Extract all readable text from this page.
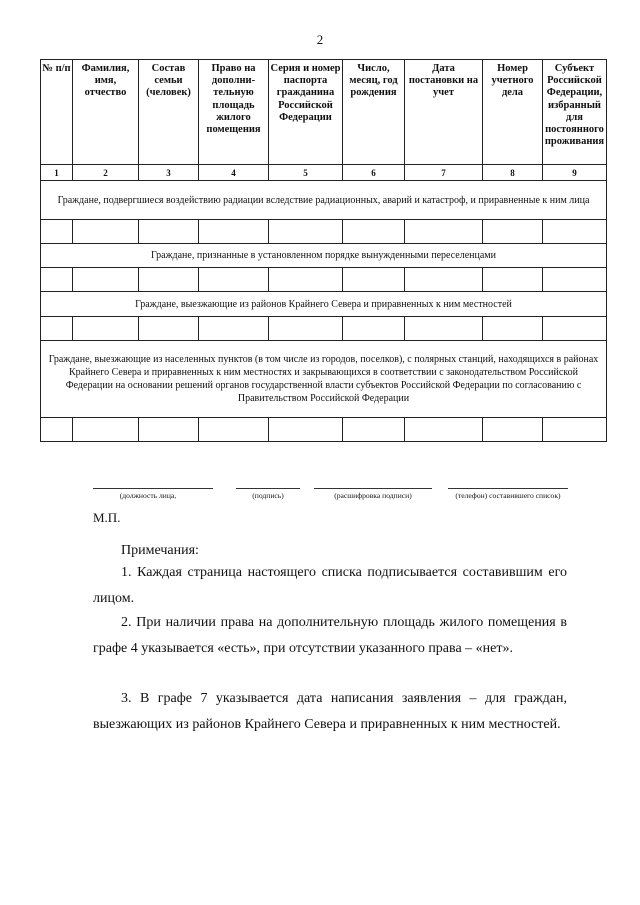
2
№ п/п	Фамилия, имя, отчество	Состав семьи (человек)	Право на дополни-тельную площадь жилого помещения	Серия и номер паспорта гражданина Российской Федерации	Число, месяц, год рождения	Дата постановки на учет	Номер учетного дела	Субъект Российской Федерации, избранный для постоянного проживания
1	2	3	4	5	6	7	8	9
Граждане, подвергшиеся воздействию радиации вследствие радиационных, аварий и катастроф, и приравненные к ним лица								

Граждане, признанные в установленном порядке вынужденными переселенцами								

Граждане, выезжающие из районов Крайнего Севера и приравненных к ним местностей								

Граждане, выезжающие из населенных пунктов (в том числе из городов, поселков), с полярных станций, находящихся в районах Крайнего Севера и приравненных к ним местностях и закрывающихся в соответствии с законодательством Российской Федерации на основании решений органов государственной власти субъектов Российской Федерации по согласованию с Правительством Российской Федерации								

(должность лица,	(подпись)	(расшифровка подписи)	(телефон) составившего список)
М.П.
Примечания:
1. Каждая страница настоящего списка подписывается составившим его лицом.
2. При наличии права на дополнительную площадь жилого помещения в графе 4 указывается «есть», при отсутствии указанного права – «нет».
3. В графе 7 указывается дата написания заявления – для граждан, выезжающих из районов Крайнего Севера и приравненных к ним местностей.
